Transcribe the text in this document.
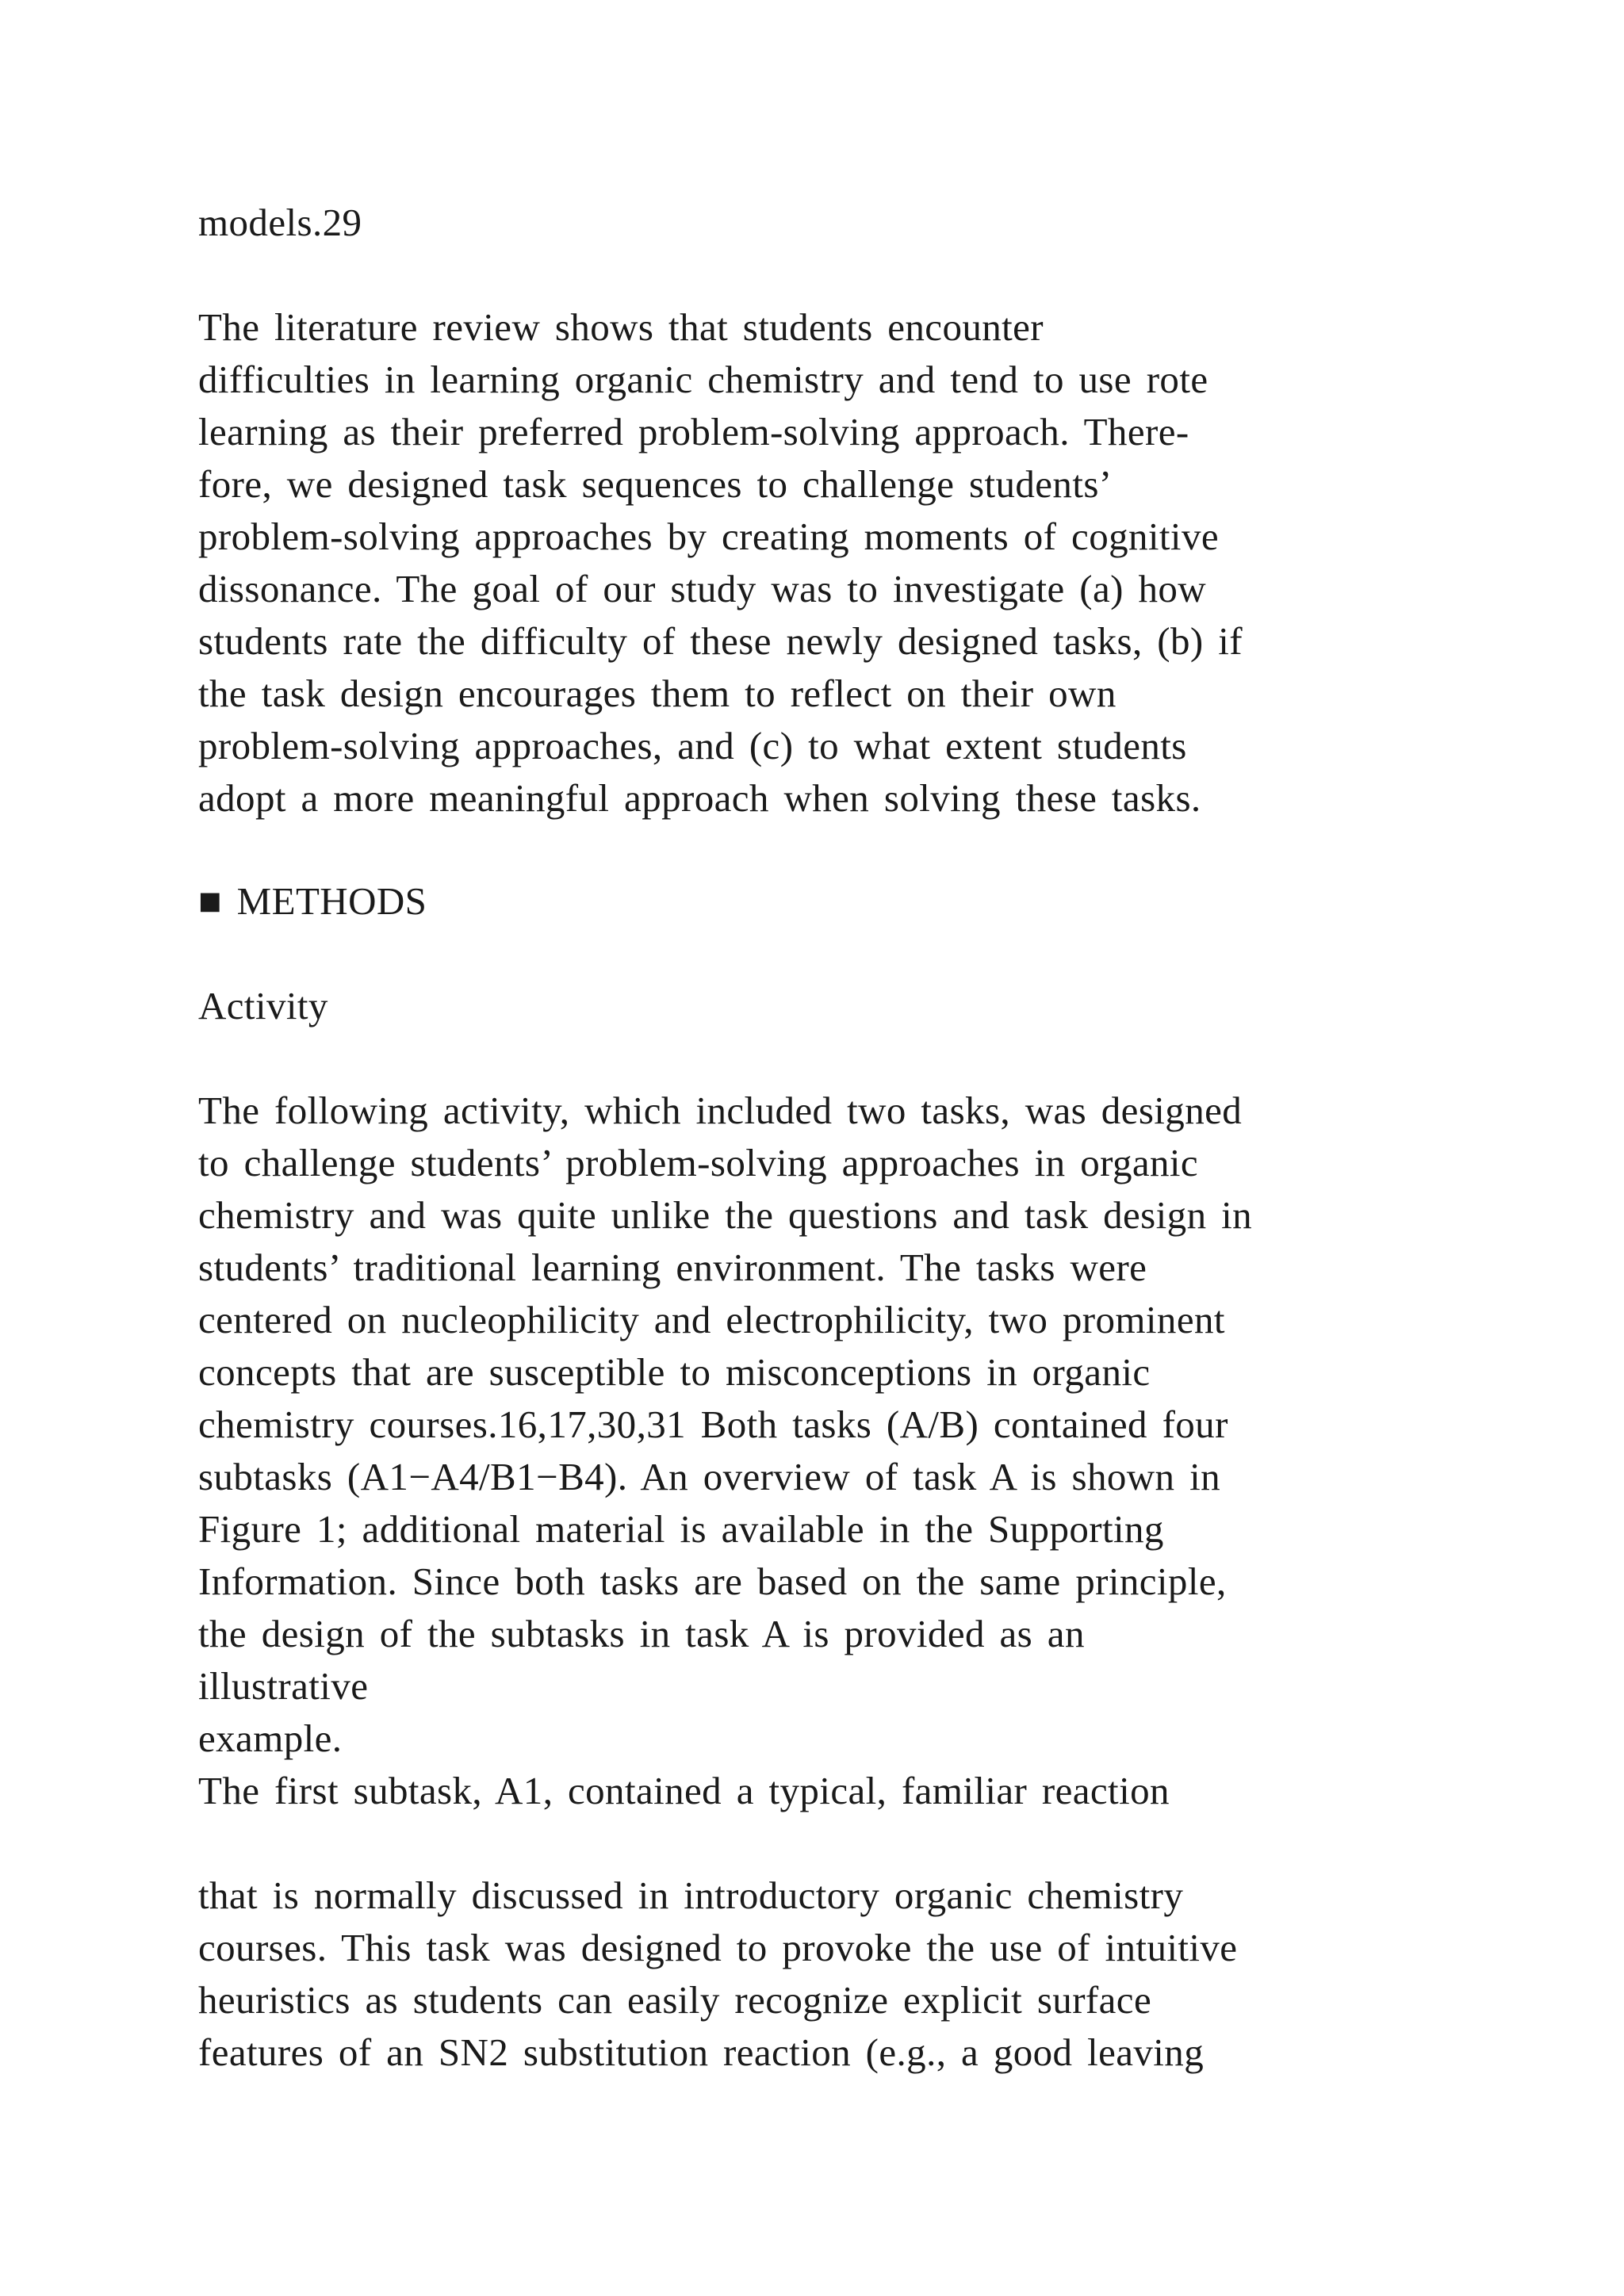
models.29
The literature review shows that students encounter
difficulties in learning organic chemistry and tend to use rote
learning as their preferred problem-solving approach. There-
fore, we designed task sequences to challenge students’
problem-solving approaches by creating moments of cognitive
dissonance. The goal of our study was to investigate (a) how
students rate the difficulty of these newly designed tasks, (b) if
the task design encourages them to reflect on their own
problem-solving approaches, and (c) to what extent students
adopt a more meaningful approach when solving these tasks.
■ METHODS
Activity
The following activity, which included two tasks, was designed
to challenge students’ problem-solving approaches in organic
chemistry and was quite unlike the questions and task design in
students’ traditional learning environment. The tasks were
centered on nucleophilicity and electrophilicity, two prominent
concepts that are susceptible to misconceptions in organic
chemistry courses.16,17,30,31 Both tasks (A/B) contained four
subtasks (A1−A4/B1−B4). An overview of task A is shown in
Figure 1; additional material is available in the Supporting
Information. Since both tasks are based on the same principle,
the design of the subtasks in task A is provided as an
illustrative
example.
The first subtask, A1, contained a typical, familiar reaction
that is normally discussed in introductory organic chemistry
courses. This task was designed to provoke the use of intuitive
heuristics as students can easily recognize explicit surface
features of an SN2 substitution reaction (e.g., a good leaving
